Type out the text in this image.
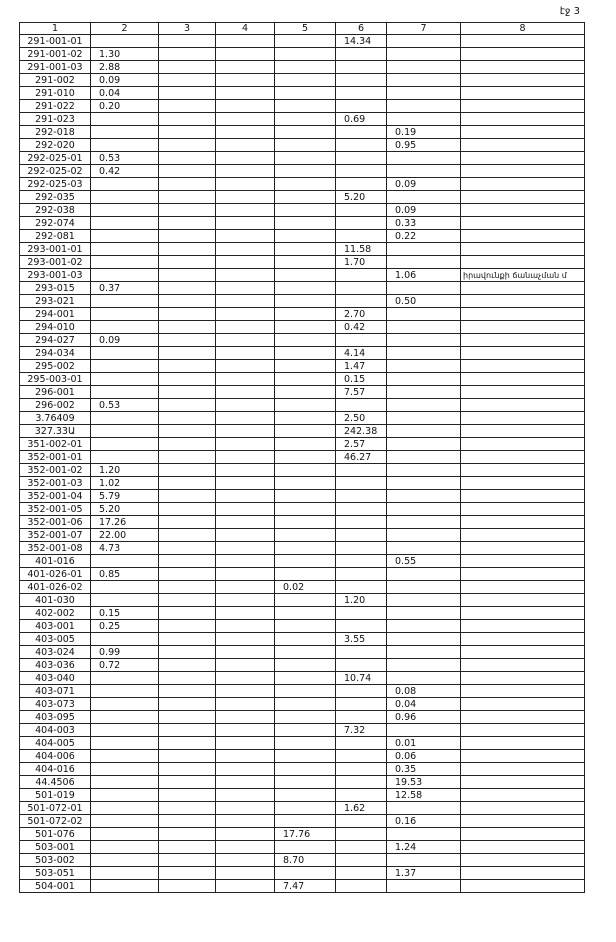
էջ 3
1	2	3	4	5	6	7	8
291-001-01					14.34		
291-001-02	1.30						
291-001-03	2.88						
291-002	0.09						
291-010	0.04						
291-022	0.20						
291-023					0.69		
292-018						0.19	
292-020						0.95	
292-025-01	0.53						
292-025-02	0.42						
292-025-03						0.09	
292-035					5.20		
292-038						0.09	
292-074						0.33	
292-081						0.22	
293-001-01					11.58		
293-001-02					1.70		
293-001-03						1.06	իրավունքի ճանաչման մ
293-015	0.37						
293-021						0.50	
294-001					2.70		
294-010					0.42		
294-027	0.09						
294-034					4.14		
295-002					1.47		
295-003-01					0.15		
296-001					7.57		
296-002	0.53						
3.76409					2.50		
327.33Ա					242.38		
351-002-01					2.57		
352-001-01					46.27		
352-001-02	1.20						
352-001-03	1.02						
352-001-04	5.79						
352-001-05	5.20						
352-001-06	17.26						
352-001-07	22.00						
352-001-08	4.73						
401-016						0.55	
401-026-01	0.85						
401-026-02				0.02			
401-030					1.20		
402-002	0.15						
403-001	0.25						
403-005					3.55		
403-024	0.99						
403-036	0.72						
403-040					10.74		
403-071						0.08	
403-073						0.04	
403-095						0.96	
404-003					7.32		
404-005						0.01	
404-006						0.06	
404-016						0.35	
44.4506						19.53	
501-019						12.58	
501-072-01					1.62		
501-072-02						0.16	
501-076				17.76			
503-001						1.24	
503-002				8.70			
503-051						1.37	
504-001				7.47			
